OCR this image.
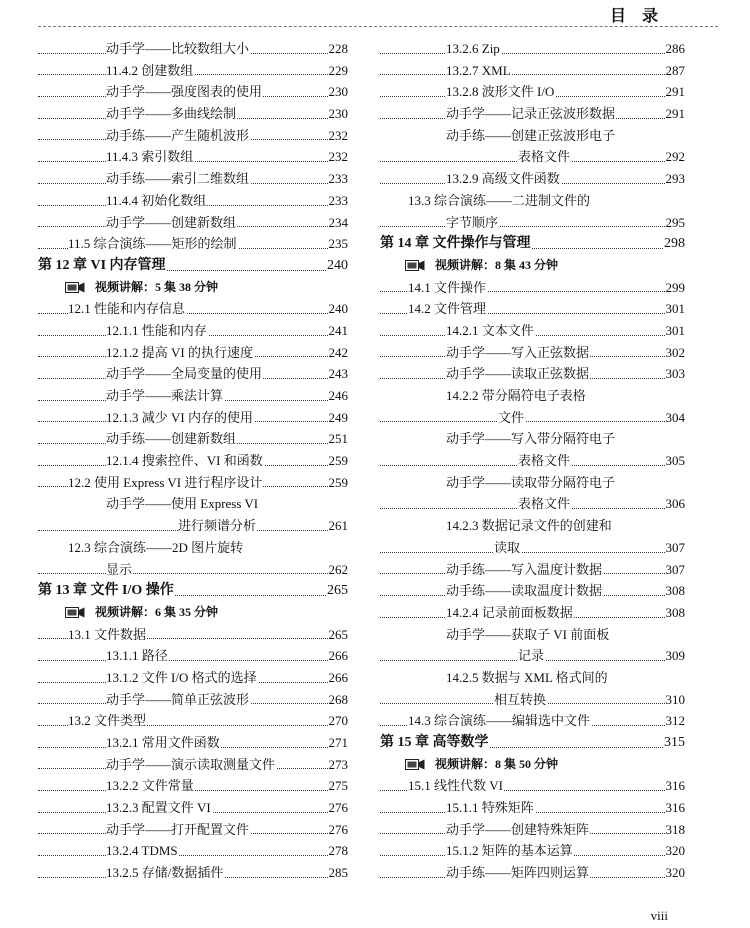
目 录
动手学——比较数组大小	228
11.4.2 创建数组	229
动手学——强度图表的使用	230
动手学——多曲线绘制	230
动手练——产生随机波形	232
11.4.3 索引数组	232
动手练——索引二维数组	233
11.4.4 初始化数组	233
动手学——创建新数组	234
11.5 综合演练——矩形的绘制	235
第 12 章 VI 内存管理	240
视频讲解：5 集 38 分钟
12.1 性能和内存信息	240
12.1.1 性能和内存	241
12.1.2 提高 VI 的执行速度	242
动手学——全局变量的使用	243
动手学——乘法计算	246
12.1.3 减少 VI 内存的使用	249
动手练——创建新数组	251
12.1.4 搜索控件、VI 和函数	259
12.2 使用 Express VI 进行程序设计	259
动手学——使用 Express VI
进行频谱分析	261
12.3 综合演练——2D 图片旋转
显示	262
第 13 章 文件 I/O 操作	265
视频讲解：6 集 35 分钟
13.1 文件数据	265
13.1.1 路径	266
13.1.2 文件 I/O 格式的选择	266
动手学——简单正弦波形	268
13.2 文件类型	270
13.2.1 常用文件函数	271
动手学——演示读取测量文件	273
13.2.2 文件常量	275
13.2.3 配置文件 VI	276
动手学——打开配置文件	276
13.2.4 TDMS	278
13.2.5 存储/数据插件	285
13.2.6 Zip	286
13.2.7 XML	287
13.2.8 波形文件 I/O	291
动手学——记录正弦波形数据	291
动手练——创建正弦波形电子
表格文件	292
13.2.9 高级文件函数	293
13.3 综合演练——二进制文件的
字节顺序	295
第 14 章 文件操作与管理	298
视频讲解：8 集 43 分钟
14.1 文件操作	299
14.2 文件管理	301
14.2.1 文本文件	301
动手学——写入正弦数据	302
动手学——读取正弦数据	303
14.2.2 带分隔符电子表格
文件	304
动手学——写入带分隔符电子
表格文件	305
动手学——读取带分隔符电子
表格文件	306
14.2.3 数据记录文件的创建和
读取	307
动手练——写入温度计数据	307
动手练——读取温度计数据	308
14.2.4 记录前面板数据	308
动手学——获取子 VI 前面板
记录	309
14.2.5 数据与 XML 格式间的
相互转换	310
14.3 综合演练——编辑选中文件	312
第 15 章 高等数学	315
视频讲解：8 集 50 分钟
15.1 线性代数 VI	316
15.1.1 特殊矩阵	316
动手学——创建特殊矩阵	318
15.1.2 矩阵的基本运算	320
动手练——矩阵四则运算	320
viii
